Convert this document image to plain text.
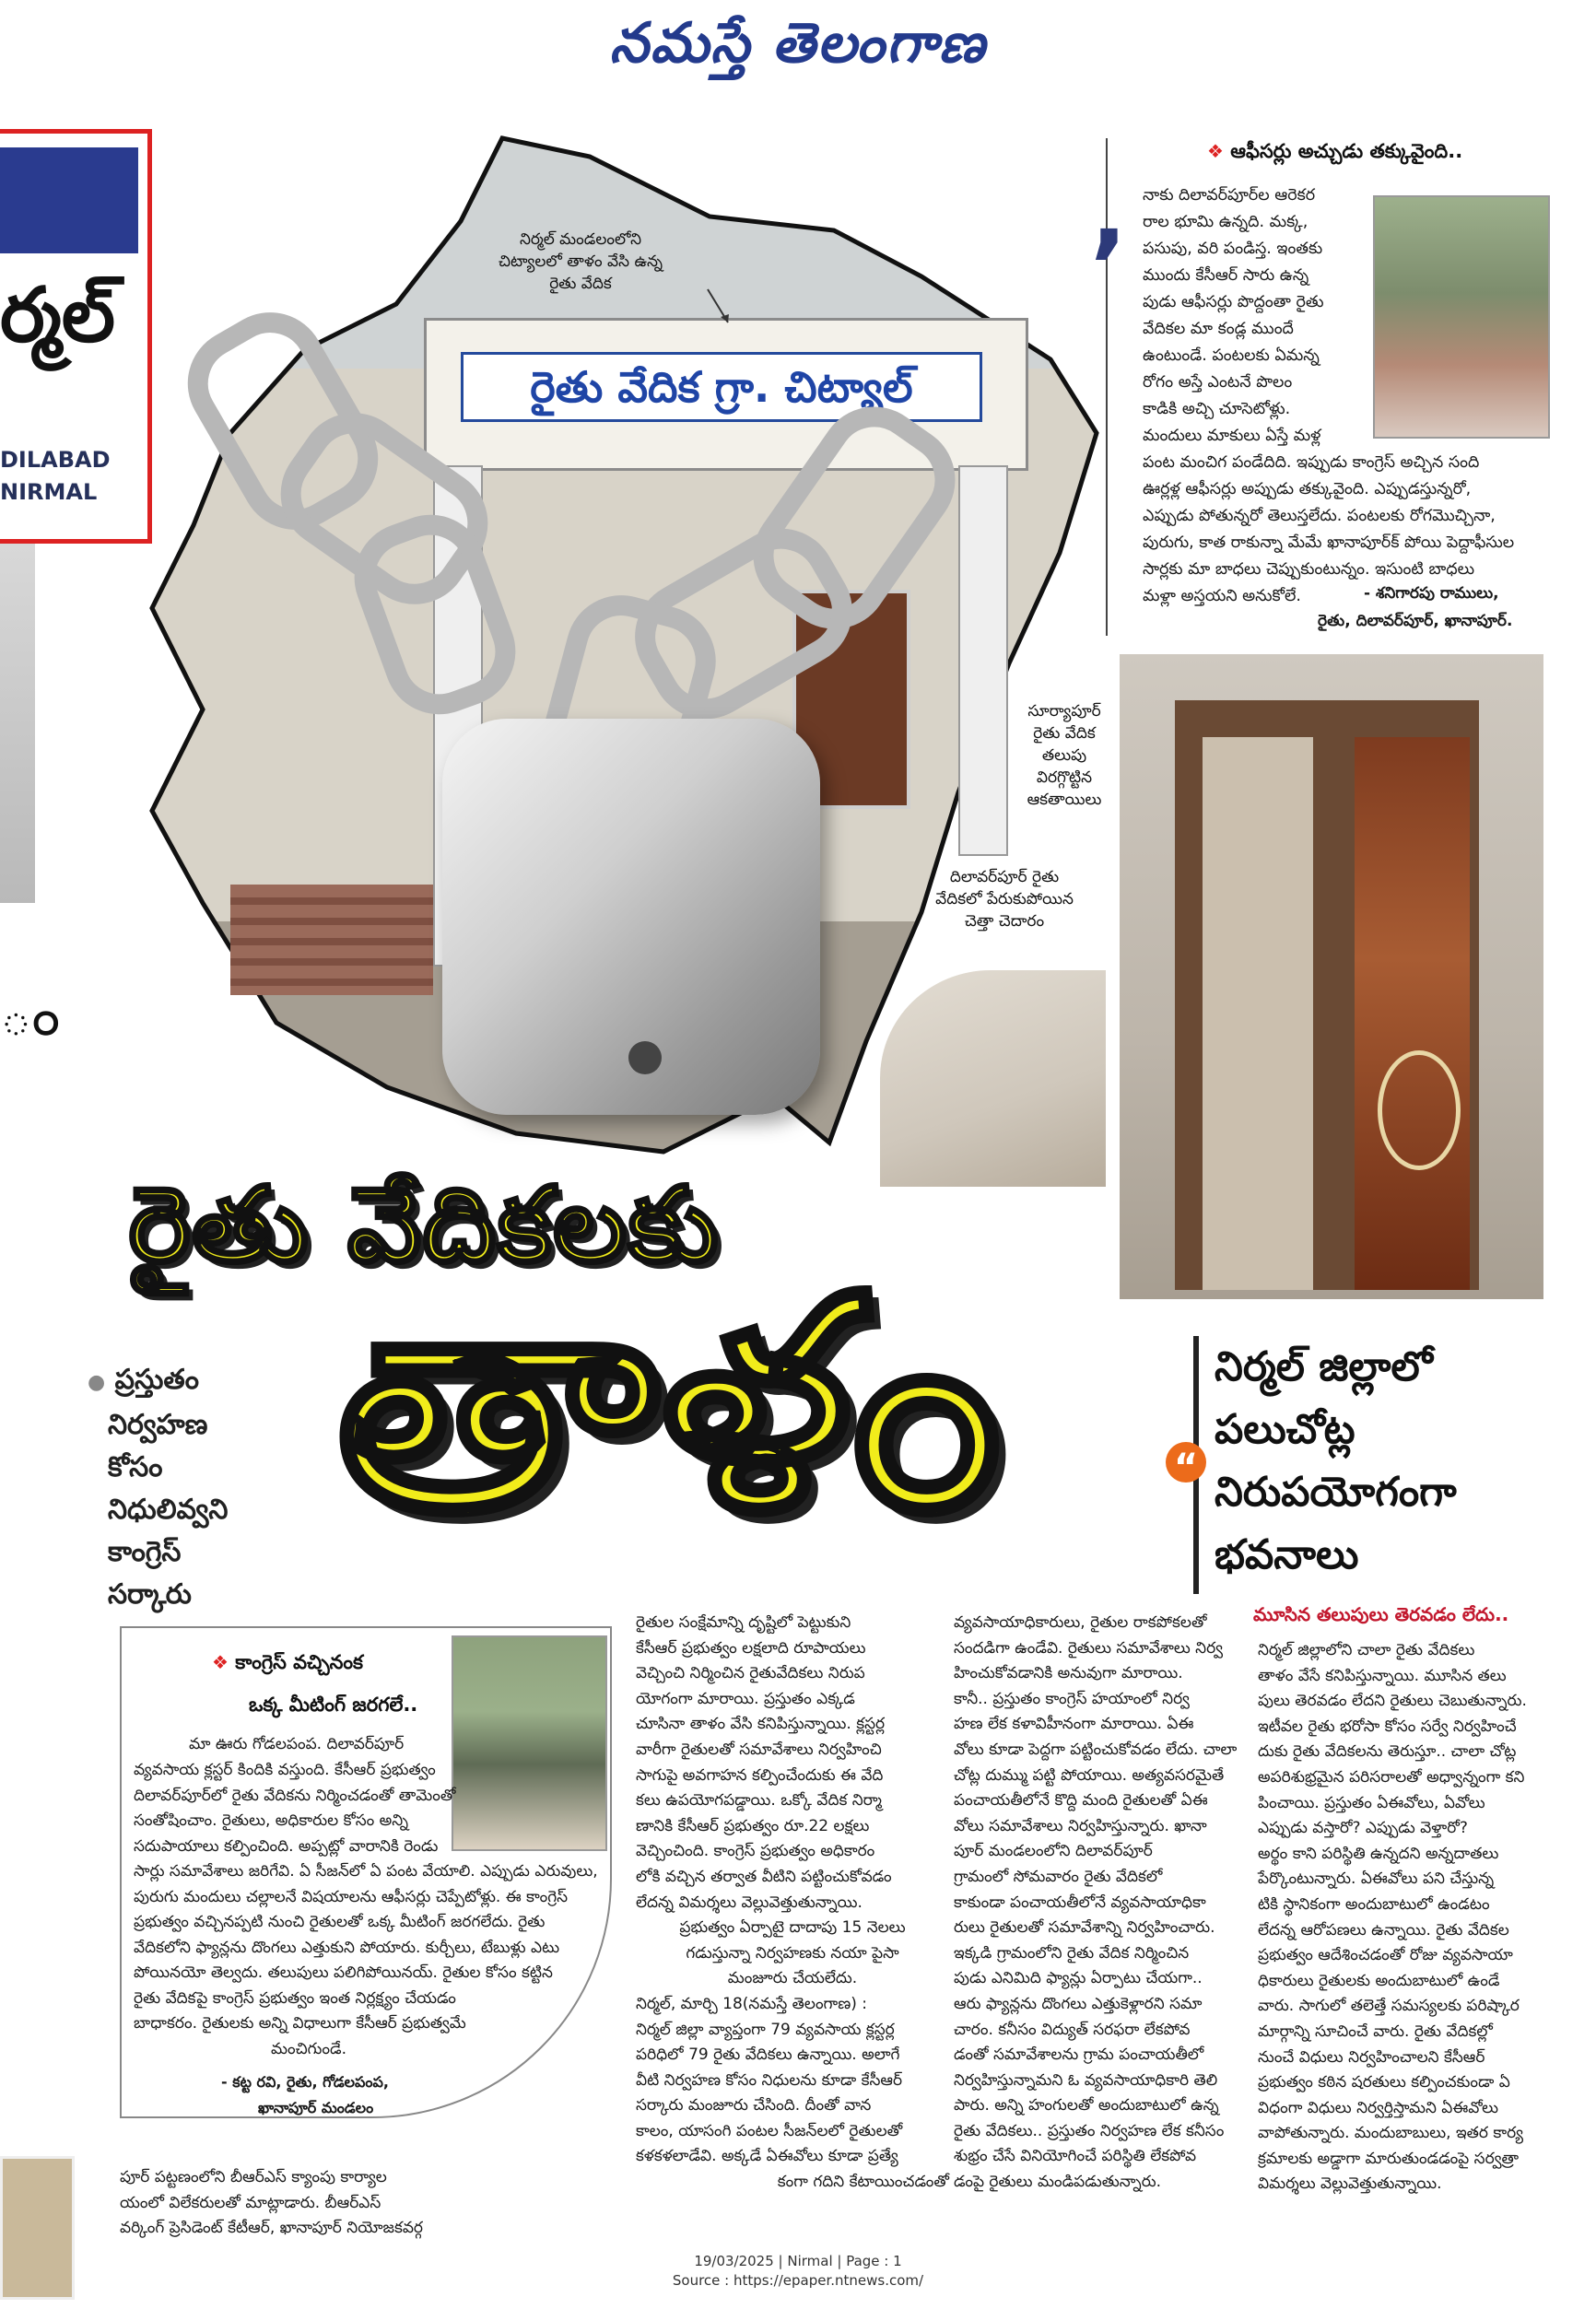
నమస్తే తెలంగాణ
ర్మల్
DILABAD
NIRMAL
ం
రైతు వేదిక గ్రా. చిట్యాల్
నిర్మల్ మండలంలోని
చిట్యాలలో తాళం వేసి ఉన్న
రైతు వేదిక
సూర్యాపూర్
రైతు వేదిక
తలుపు
విరగ్గొట్టిన
ఆకతాయిలు
దిలావర్‌పూర్ రైతు
వేదికలో పేరుకుపోయిన
చెత్తా చెదారం
❖ ఆఫీసర్లు అచ్చుడు తక్కువైంది..
’
నాకు దిలావర్‌పూర్‌ల ఆరెకర
రాల భూమి ఉన్నది. మక్క,
పసుపు, వరి పండిస్త. ఇంతకు
ముందు కేసీఆర్ సారు ఉన్న
పుడు ఆఫీసర్లు పొద్దంతా రైతు
వేదికల మా కండ్ల ముందే
ఉంటుండే. పంటలకు ఏమన్న
రోగం అస్తే ఎంటనే పొలం
కాడికి అచ్చి చూసెటోళ్లు.
మందులు మాకులు ఏస్తే మళ్ల
పంట మంచిగ పండేదిది. ఇప్పుడు కాంగ్రెస్ అచ్చిన సంది
ఊర్లళ్ల ఆఫీసర్లు అప్పుడు తక్కువైంది. ఎప్పుడస్తున్నరో,
ఎప్పుడు పోతున్నరో తెలుస్తలేదు. పంటలకు రోగమొచ్చినా,
పురుగు, కాత రాకున్నా మేమే ఖానాపూర్‌క్ పోయి పెద్దాఫీసుల
సార్లకు మా బాధలు చెప్పుకుంటున్నం. ఇసుంటి బాధలు
మళ్లా అస్తయని అనుకోలే.	- శనిగారపు రాములు,
రైతు, దిలావర్‌పూర్, ఖానాపూర్.
రైతు వేదికలకు
తాళం
● ప్రస్తుతం
నిర్వహణ
కోసం
నిధులివ్వని
కాంగ్రెస్
సర్కారు
“
నిర్మల్ జిల్లాలో
పలుచోట్ల
నిరుపయోగంగా
భవనాలు
❖ కాంగ్రెస్ వచ్చినంక
ఒక్క మీటింగ్ జరగలే..
మా ఊరు గోడలపంప. దిలావర్‌పూర్
వ్యవసాయ క్లస్టర్ కిందికి వస్తుంది. కేసీఆర్ ప్రభుత్వం
దిలావర్‌పూర్‌లో రైతు వేదికను నిర్మించడంతో తామెంతో
సంతోషించాం. రైతులు, అధికారుల కోసం అన్ని
సదుపాయాలు కల్పించింది. అప్పట్లో వారానికి రెండు
సార్లు సమావేశాలు జరిగేవి. ఏ సీజన్‌లో ఏ పంట వేయాలి. ఎప్పుడు ఎరువులు,
పురుగు మందులు చల్లాలనే విషయాలను ఆఫీసర్లు చెప్పేటోళ్లు. ఈ కాంగ్రెస్
ప్రభుత్వం వచ్చినప్పటి నుంచి రైతులతో ఒక్క మీటింగ్ జరగలేదు. రైతు
వేదికలోని ఫ్యాన్లను దొంగలు ఎత్తుకుని పోయారు. కుర్చీలు, టేబుళ్లు ఎటు
పోయినయో తెల్వదు. తలుపులు పలిగిపోయినయ్. రైతుల కోసం కట్టిన
రైతు వేదికపై కాంగ్రెస్ ప్రభుత్వం ఇంత నిర్లక్ష్యం చేయడం
బాధాకరం. రైతులకు అన్ని విధాలుగా కేసీఆర్ ప్రభుత్వమే
మంచిగుండే.
- కట్ట రవి, రైతు, గోడలపంప,
ఖానాపూర్ మండలం
రైతుల సంక్షేమాన్ని దృష్టిలో పెట్టుకుని
కేసీఆర్ ప్రభుత్వం లక్షలాది రూపాయలు
వెచ్చించి నిర్మించిన రైతువేదికలు నిరుప
యోగంగా మారాయి. ప్రస్తుతం ఎక్కడ
చూసినా తాళం వేసి కనిపిస్తున్నాయి. క్లస్టర్ల
వారీగా రైతులతో సమావేశాలు నిర్వహించి
సాగుపై అవగాహన కల్పించేందుకు ఈ వేది
కలు ఉపయోగపడ్డాయి. ఒక్కో వేదిక నిర్మా
ణానికి కేసీఆర్ ప్రభుత్వం రూ.22 లక్షలు
వెచ్చించింది. కాంగ్రెస్ ప్రభుత్వం అధికారం
లోకి వచ్చిన తర్వాత వీటిని పట్టించుకోవడం
లేదన్న విమర్శలు వెల్లువెత్తుతున్నాయి.
ప్రభుత్వం ఏర్పాటై దాదాపు 15 నెలలు
గడుస్తున్నా నిర్వహణకు నయా పైసా
మంజూరు చేయలేదు.
నిర్మల్, మార్చి 18(నమస్తే తెలంగాణ) :
నిర్మల్ జిల్లా వ్యాప్తంగా 79 వ్యవసాయ క్లస్టర్ల
పరిధిలో 79 రైతు వేదికలు ఉన్నాయి. అలాగే
వీటి నిర్వహణ కోసం నిధులను కూడా కేసీఆర్
సర్కారు మంజూరు చేసింది. దీంతో వాన
కాలం, యాసంగి పంటల సీజన్‌లలో రైతులతో
కళకళలాడేవి. అక్కడే ఏఈవోలు కూడా ప్రత్యే
కంగా గదిని కేటాయించడంతో
వ్యవసాయాధికారులు, రైతుల రాకపోకలతో
సందడిగా ఉండేవి. రైతులు సమావేశాలు నిర్వ
హించుకోవడానికి అనువుగా మారాయి.
కానీ.. ప్రస్తుతం కాంగ్రెస్ హయాంలో నిర్వ
హణ లేక కళావిహీనంగా మారాయి. ఏఈ
వోలు కూడా పెద్దగా పట్టించుకోవడం లేదు. చాలా
చోట్ల దుమ్ము పట్టి పోయాయి. అత్యవసరమైతే
పంచాయతీలోనే కొద్ది మంది రైతులతో ఏఈ
వోలు సమావేశాలు నిర్వహిస్తున్నారు. ఖానా
పూర్ మండలంలోని దిలావర్‌పూర్
గ్రామంలో సోమవారం రైతు వేదికలో
కాకుండా పంచాయతీలోనే వ్యవసాయాధికా
రులు రైతులతో సమావేశాన్ని నిర్వహించారు.
ఇక్కడి గ్రామంలోని రైతు వేదిక నిర్మించిన
పుడు ఎనిమిది ఫ్యాన్లు ఏర్పాటు చేయగా..
ఆరు ఫ్యాన్లను దొంగలు ఎత్తుకెళ్లారని సమా
చారం. కనీసం విద్యుత్ సరఫరా లేకపోవ
డంతో సమావేశాలను గ్రామ పంచాయతీలో
నిర్వహిస్తున్నామని ఓ వ్యవసాయాధికారి తెలి
పారు. అన్ని హంగులతో అందుబాటులో ఉన్న
రైతు వేదికలు.. ప్రస్తుతం నిర్వహణ లేక కనీసం
శుభ్రం చేసే వినియోగించే పరిస్థితి లేకపోవ
డంపై రైతులు మండిపడుతున్నారు.
మూసిన తలుపులు తెరవడం లేదు..
నిర్మల్ జిల్లాలోని చాలా రైతు వేదికలు
తాళం వేసే కనిపిస్తున్నాయి. మూసిన తలు
పులు తెరవడం లేదని రైతులు చెబుతున్నారు.
ఇటీవల రైతు భరోసా కోసం సర్వే నిర్వహించే
దుకు రైతు వేదికలను తెరుస్తూ.. చాలా చోట్ల
అపరిశుభ్రమైన పరిసరాలతో అధ్వాన్నంగా కని
పించాయి. ప్రస్తుతం ఏఈవోలు, ఏవోలు
ఎప్పుడు వస్తారో? ఎప్పుడు వెళ్తారో?
అర్థం కాని పరిస్థితి ఉన్నదని అన్నదాతలు
పేర్కొంటున్నారు. ఏఈవోలు పని చేస్తున్న
టికి స్థానికంగా అందుబాటులో ఉండటం
లేదన్న ఆరోపణలు ఉన్నాయి. రైతు వేదికల
ప్రభుత్వం ఆదేశించడంతో రోజు వ్యవసాయా
ధికారులు రైతులకు అందుబాటులో ఉండే
వారు. సాగులో తలెత్తే సమస్యలకు పరిష్కార
మార్గాన్ని సూచించే వారు. రైతు వేదికల్లో
నుంచే విధులు నిర్వహించాలని కేసీఆర్
ప్రభుత్వం కఠిన షరతులు కల్పించకుండా ఏ
విధంగా విధులు నిర్వర్తిస్తామని ఏఈవోలు
వాపోతున్నారు. మందుబాబులు, ఇతర కార్య
క్రమాలకు అడ్డాగా మారుతుండడంపై సర్వత్రా
విమర్శలు వెల్లువెత్తుతున్నాయి.
పూర్ పట్టణంలోని బీఆర్ఎస్ క్యాంపు కార్యాల
యంలో విలేకరులతో మాట్లాడారు. బీఆర్ఎస్
వర్కింగ్ ప్రెసిడెంట్ కేటీఆర్, ఖానాపూర్ నియోజకవర్గ
19/03/2025 | Nirmal | Page : 1
Source : https://epaper.ntnews.com/
